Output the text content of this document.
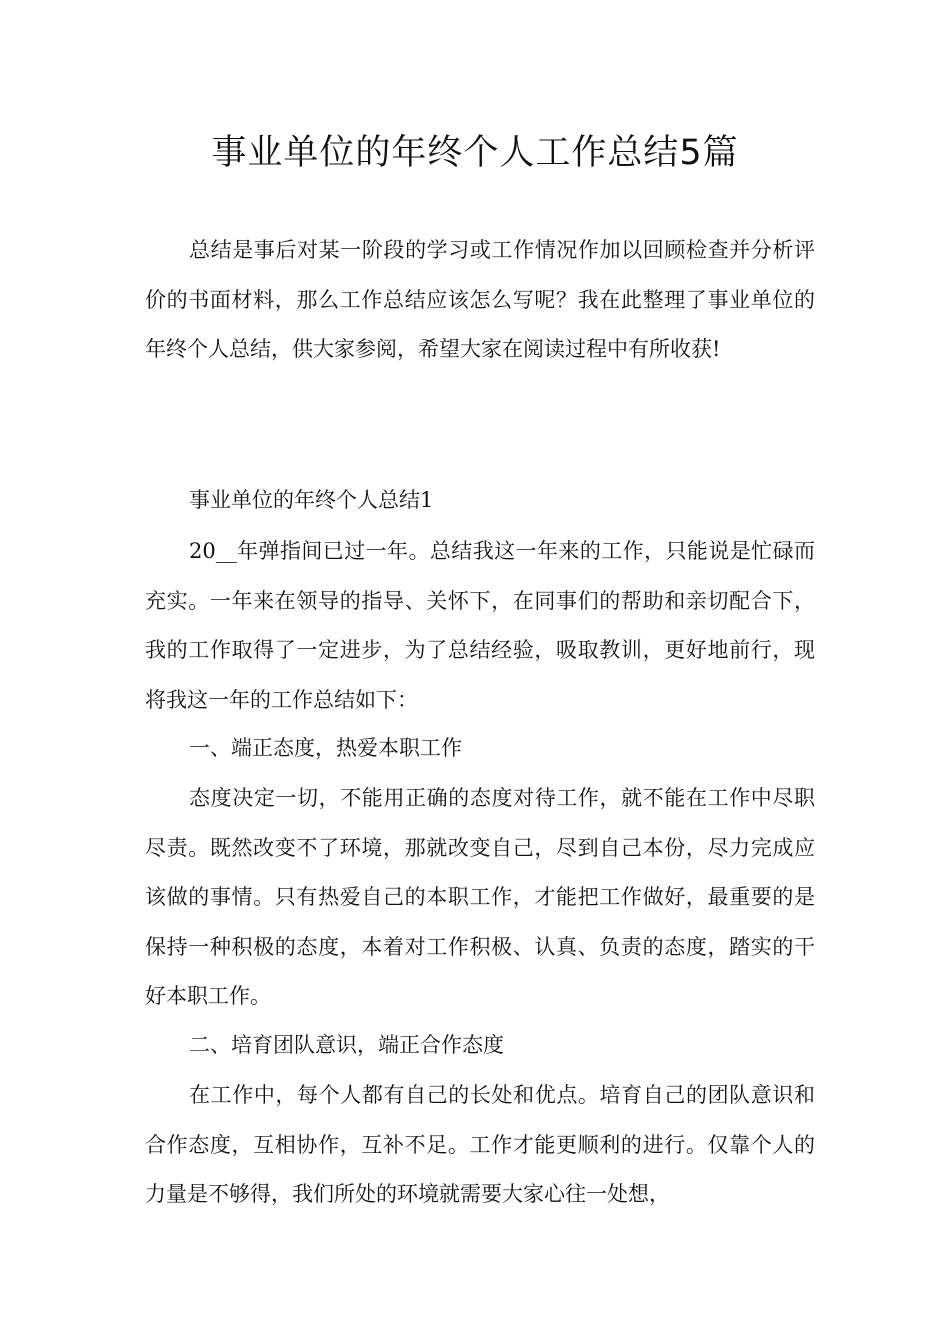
事业单位的年终个人工作总结5篇

总结是事后对某一阶段的学习或工作情况作加以回顾检查并分析评价的书面材料，那么工作总结应该怎么写呢？我在此整理了事业单位的年终个人总结，供大家参阅，希望大家在阅读过程中有所收获!

事业单位的年终个人总结1

20__年弹指间已过一年。总结我这一年来的工作，只能说是忙碌而充实。一年来在领导的指导、关怀下，在同事们的帮助和亲切配合下，我的工作取得了一定进步，为了总结经验，吸取教训，更好地前行，现将我这一年的工作总结如下：

一、端正态度，热爱本职工作

态度决定一切，不能用正确的态度对待工作，就不能在工作中尽职尽责。既然改变不了环境，那就改变自己，尽到自己本份，尽力完成应该做的事情。只有热爱自己的本职工作，才能把工作做好，最重要的是保持一种积极的态度，本着对工作积极、认真、负责的态度，踏实的干好本职工作。

二、培育团队意识，端正合作态度

在工作中，每个人都有自己的长处和优点。培育自己的团队意识和合作态度，互相协作，互补不足。工作才能更顺利的进行。仅靠个人的力量是不够得，我们所处的环境就需要大家心往一处想，
